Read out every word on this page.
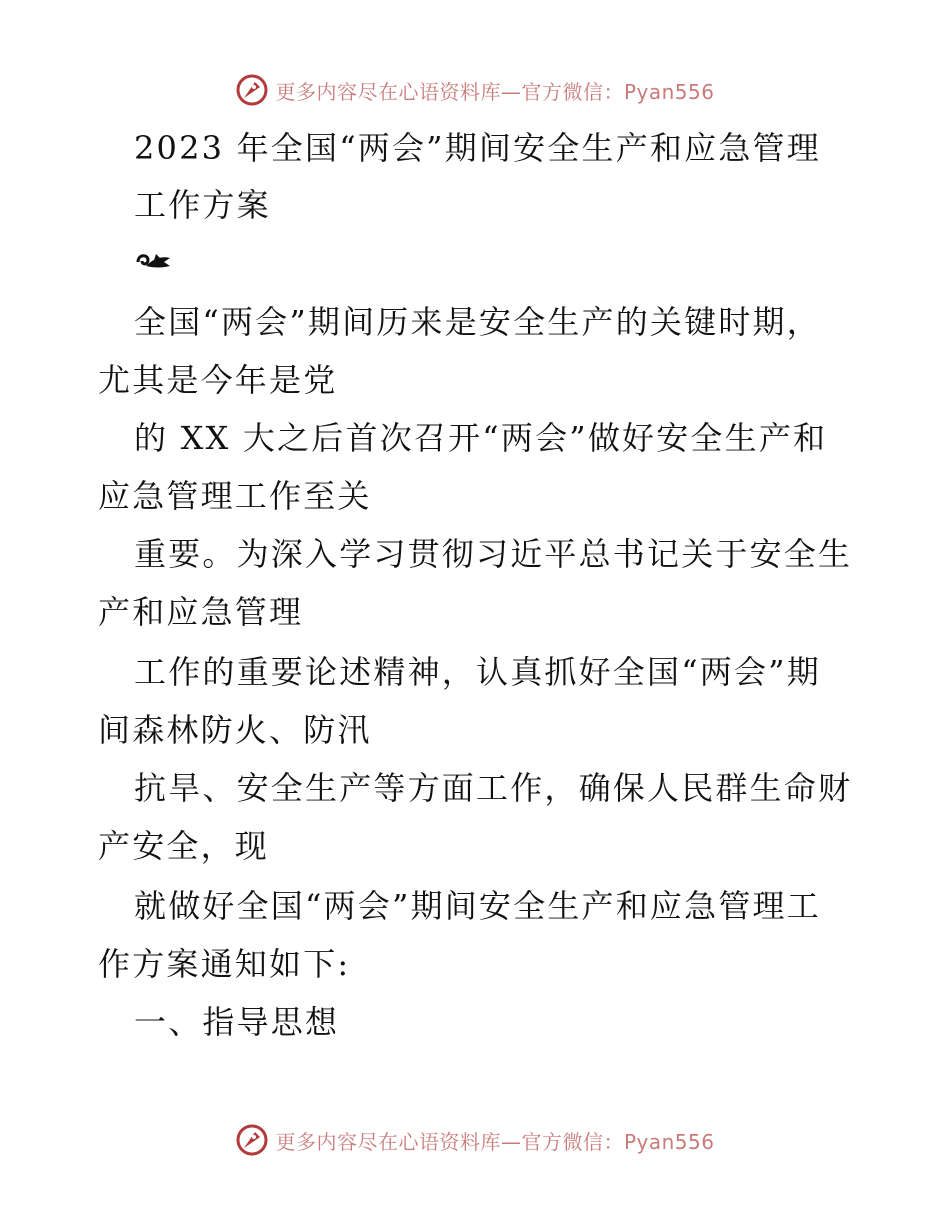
更多内容尽在心语资料库—官方微信：Pyan556
2023 年全国“两会”期间安全生产和应急管理
工作方案
全国“两会”期间历来是安全生产的关键时期，
尤其是今年是党
的 XX 大之后首次召开“两会”做好安全生产和
应急管理工作至关
重要。为深入学习贯彻习近平总书记关于安全生
产和应急管理
工作的重要论述精神，认真抓好全国“两会”期
间森林防火、防汛
抗旱、安全生产等方面工作，确保人民群生命财
产安全，现
就做好全国“两会”期间安全生产和应急管理工
作方案通知如下:
一、指导思想
更多内容尽在心语资料库—官方微信：Pyan556
